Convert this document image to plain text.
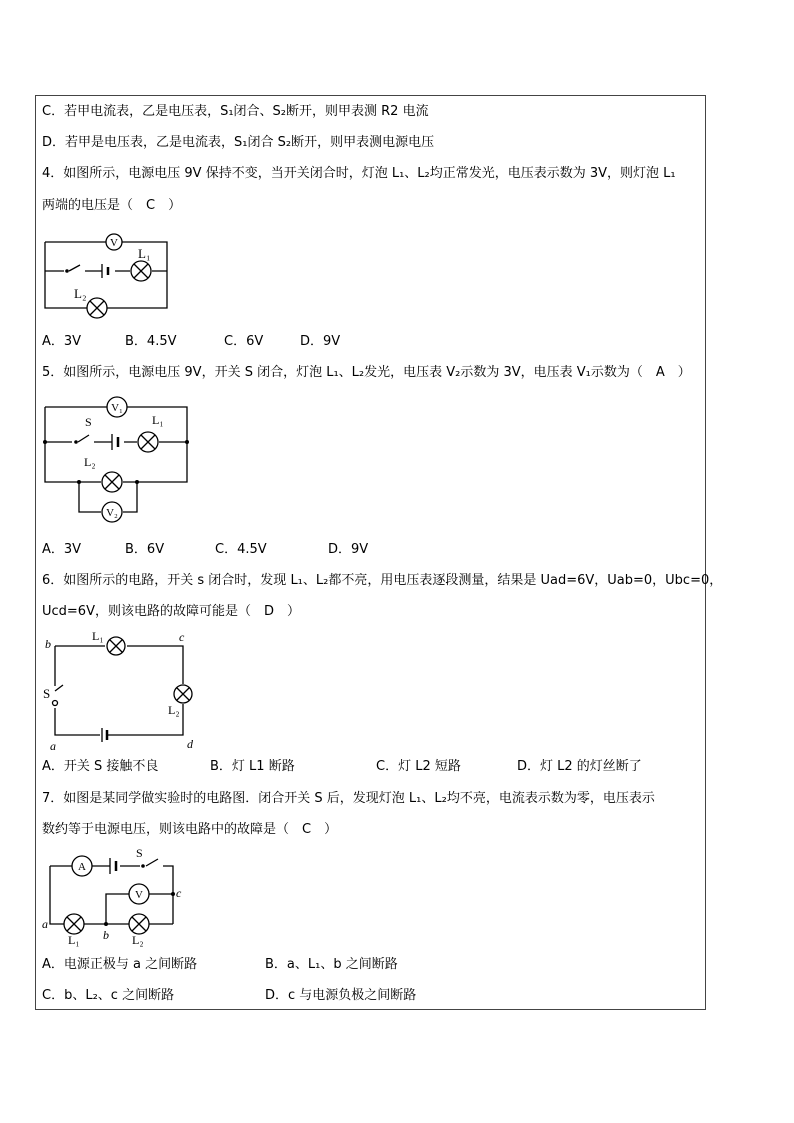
C．若甲电流表，乙是电压表，S₁闭合、S₂断开，则甲表测 R2 电流
D．若甲是电压表，乙是电流表，S₁闭合 S₂断开，则甲表测电源电压
4．如图所示，电源电压 9V 保持不变，当开关闭合时，灯泡 L₁、L₂均正常发光，电压表示数为 3V，则灯泡 L₁
两端的电压是（　C　）
V
L₁
L₂
A．3V	B．4.5V	C．6V	D．9V
5．如图所示，电源电压 9V，开关 S 闭合，灯泡 L₁、L₂发光，电压表 V₂示数为 3V，电压表 V₁示数为（　A　）
V₁
L₁
S
L₂
V₂
A．3V	B．6V	C．4.5V	D．9V
6．如图所示的电路，开关 s 闭合时，发现 L₁、L₂都不亮，用电压表逐段测量，结果是 Uad=6V，Uab=0，Ubc=0，
Ucd=6V，则该电路的故障可能是（　D　）
L₁
L₂
S
b	c
a	d
A．开关 S 接触不良	B．灯 L1 断路	C．灯 L2 短路	D．灯 L2 的灯丝断了
7．如图是某同学做实验时的电路图．闭合开关 S 后，发现灯泡 L₁、L₂均不亮，电流表示数为零，电压表示
数约等于电源电压，则该电路中的故障是（　C　）
A
S
V
L₁	L₂
a
b
c
A．电源正极与 a 之间断路	B．a、L₁、b 之间断路
C．b、L₂、c 之间断路	D．c 与电源负极之间断路
